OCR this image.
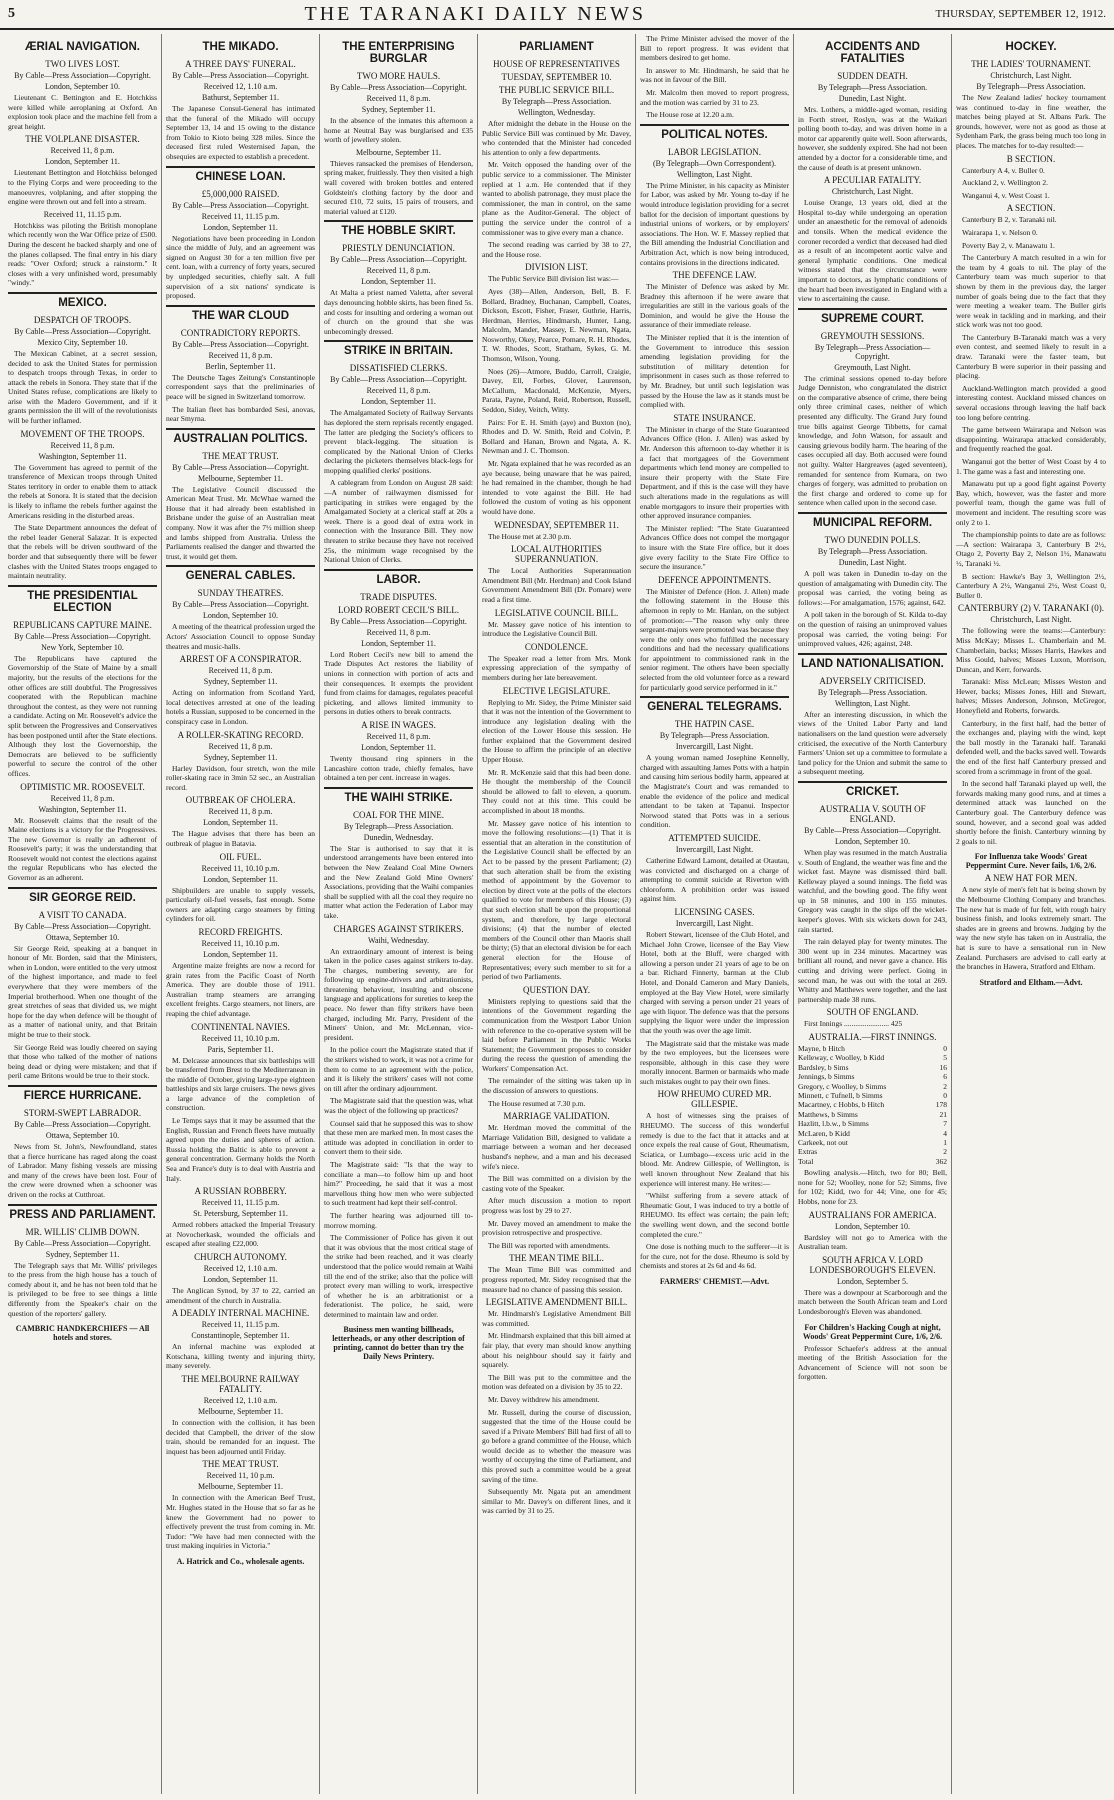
5	THE TARANAKI DAILY NEWS	THURSDAY, SEPTEMBER 12, 1912.
ÆRIAL NAVIGATION.
TWO LIVES LOST.
By Cable—Press Association—Copyright.
London, September 10.
Lieutenant C. Bettington and E. Hotchkiss were killed while aeroplaning at Oxford. An explosion took place and the machine fell from a great height.
THE VOLPLANE DISASTER.
Received 11, 8 p.m.
London, September 11.
Lieutenant Bettington and Hotchkiss belonged to the Flying Corps and were proceeding to the manoeuvres, volplaning, and after stopping the engine were thrown out and fell into a stream.
Received 11, 11.15 p.m.
Hotchkiss was piloting the British monoplane which recently won the War Office prize of £500. During the descent he backed sharply and one of the planes collapsed. The final entry in his diary reads: "Over Oxford; struck a rainstorm." It closes with a very unfinished word, presumably "windy."
MEXICO.
DESPATCH OF TROOPS.
By Cable—Press Association—Copyright.
Mexico City, September 10.
The Mexican Cabinet, at a secret session, decided to ask the United States for permission to despatch troops through Texas, in order to attack the rebels in Sonora. They state that if the United States refuse, complications are likely to arise with the Madero Government, and if it grants permission the ill will of the revolutionists will be further inflamed.
MOVEMENT OF THE TROOPS.
Received 11, 8 p.m.
Washington, September 11.
The Government has agreed to permit of the transference of Mexican troops through United States territory in order to enable them to attack the rebels at Sonora. It is stated that the decision is likely to inflame the rebels further against the Americans residing in the disturbed areas.
The State Department announces the defeat of the rebel leader General Salazar. It is expected that the rebels will be driven southward of the border and that subsequently there will be fewer clashes with the United States troops engaged to maintain neutrality.
THE PRESIDENTIAL ELECTION
REPUBLICANS CAPTURE MAINE.
By Cable—Press Association—Copyright.
New York, September 10.
The Republicans have captured the Governorship of the State of Maine by a small majority, but the results of the elections for the other offices are still doubtful. The Progressives cooperated with the Republican machine throughout the contest, as they were not running a candidate. Acting on Mr. Roosevelt's advice the split between the Progressives and Conservatives has been postponed until after the State elections. Although they lost the Governorship, the Democrats are believed to be sufficiently powerful to secure the control of the other offices.
OPTIMISTIC MR. ROOSEVELT.
Received 11, 8 p.m.
Washington, September 11.
Mr. Roosevelt claims that the result of the Maine elections is a victory for the Progressives. The new Governor is really an adherent of Roosevelt's party; it was the understanding that Roosevelt would not contest the elections against the regular Republicans who has elected the Governor as an adherent.
SIR GEORGE REID.
A VISIT TO CANADA.
By Cable—Press Association—Copyright.
Ottawa, September 10.
Sir George Reid, speaking at a banquet in honour of Mr. Borden, said that the Ministers, when in London, were entitled to the very utmost of the highest importance, and made to feel everywhere that they were members of the Imperial brotherhood. When one thought of the great stretches of seas that divided us, we might hope for the day when defence will be thought of as a matter of national unity, and that Britain might be true to their stock.
Sir George Reid was loudly cheered on saying that those who talked of the mother of nations being dead or dying were mistaken; and that if peril came Britons would be true to their stock.
FIERCE HURRICANE.
STORM-SWEPT LABRADOR.
By Cable—Press Association—Copyright.
Ottawa, September 10.
News from St. John's, Newfoundland, states that a fierce hurricane has raged along the coast of Labrador. Many fishing vessels are missing and many of the crews have been lost. Four of the crew were drowned when a schooner was driven on the rocks at Cutthroat.
PRESS AND PARLIAMENT.
MR. WILLIS' CLIMB DOWN.
By Cable—Press Association—Copyright.
Sydney, September 11.
The Telegraph says that Mr. Willis' privileges to the press from the high house has a touch of comedy about it, and he has not been told that he is privileged to be free to see things a little differently from the Speaker's chair on the question of the reporters' gallery.
CAMBRIC HANDKERCHIEFS — All hotels and stores.
THE MIKADO.
A THREE DAYS' FUNERAL.
By Cable—Press Association—Copyright.
Received 12, 1.10 a.m.
Bathurst, September 11.
The Japanese Consul-General has intimated that the funeral of the Mikado will occupy September 13, 14 and 15 owing to the distance from Tokio to Kioto being 328 miles. Since the deceased first ruled Westernised Japan, the obsequies are expected to establish a precedent.
CHINESE LOAN.
£5,000,000 RAISED.
By Cable—Press Association—Copyright.
Received 11, 11.15 p.m.
London, September 11.
Negotiations have been proceeding in London since the middle of July, and an agreement was signed on August 30 for a ten million five per cent. loan, with a currency of forty years, secured by unpledged securities, chiefly salt. A full supervision of a six nations' syndicate is proposed.
THE WAR CLOUD
CONTRADICTORY REPORTS.
By Cable—Press Association—Copyright.
Received 11, 8 p.m.
Berlin, September 11.
The Deutsche Tages Zeitung's Constantinople correspondent says that the preliminaries of peace will be signed in Switzerland tomorrow.
The Italian fleet has bombarded Sesi, anovas, near Smyrna.
AUSTRALIAN POLITICS.
THE MEAT TRUST.
By Cable—Press Association—Copyright.
Melbourne, September 11.
The Legislative Council discussed the American Meat Trust. Mr. McWhae warned the House that it had already been established in Brisbane under the guise of an Australian meat company. Now it was after the 7½ million sheep and lambs shipped from Australia. Unless the Parliaments realised the danger and thwarted the trust, it would get them.
GENERAL CABLES.
SUNDAY THEATRES.
By Cable—Press Association—Copyright.
London, September 10.
A meeting of the theatrical profession urged the Actors' Association Council to oppose Sunday theatres and music-halls.
ARREST OF A CONSPIRATOR.
Received 11, 8 p.m.
Sydney, September 11.
Acting on information from Scotland Yard, local detectives arrested at one of the leading hotels a Russian, supposed to be concerned in the conspiracy case in London.
A ROLLER-SKATING RECORD.
Received 11, 8 p.m.
Sydney, September 11.
Harley Davidson, four stretch, won the mile roller-skating race in 3min 52 sec., an Australian record.
OUTBREAK OF CHOLERA.
Received 11, 8 p.m.
London, September 11.
The Hague advises that there has been an outbreak of plague in Batavia.
OIL FUEL.
Received 11, 10.10 p.m.
London, September 11.
Shipbuilders are unable to supply vessels, particularly oil-fuel vessels, fast enough. Some owners are adapting cargo steamers by fitting cylinders for oil.
RECORD FREIGHTS.
Received 11, 10.10 p.m.
London, September 11.
Argentine maize freights are now a record for grain rates from the Pacific Coast of North America. They are double those of 1911. Australian tramp steamers are arranging excellent freights. Cargo steamers, not liners, are reaping the chief advantage.
CONTINENTAL NAVIES.
Received 11, 10.10 p.m.
Paris, September 11.
M. Delcasse announces that six battleships will be transferred from Brest to the Mediterranean in the middle of October, giving large-type eighteen battleships and six large cruisers. The news gives a large advance of the completion of construction.
Le Temps says that it may be assumed that the English, Russian and French fleets have mutually agreed upon the duties and spheres of action. Russia holding the Baltic is able to prevent a general concentration. Germany holds the North Sea and France's duty is to deal with Austria and Italy.
A RUSSIAN ROBBERY.
Received 11, 11.15 p.m.
St. Petersburg, September 11.
Armed robbers attacked the Imperial Treasury at Novocherkask, wounded the officials and escaped after stealing £22,000.
CHURCH AUTONOMY.
Received 12, 1.10 a.m.
London, September 11.
The Anglican Synod, by 37 to 22, carried an amendment of the church in Australia.
A DEADLY INTERNAL MACHINE.
Received 11, 11.15 p.m.
Constantinople, September 11.
An infernal machine was exploded at Kotschana, killing twenty and injuring thirty, many severely.
THE MELBOURNE RAILWAY FATALITY.
Received 12, 1.10 a.m.
Melbourne, September 11.
In connection with the collision, it has been decided that Campbell, the driver of the slow train, should be remanded for an inquest. The inquest has been adjourned until Friday.
THE MEAT TRUST.
Received 11, 10 p.m.
Melbourne, September 11.
In connection with the American Beef Trust, Mr. Hughes stated in the House that so far as he knew the Government had no power to effectively prevent the trust from coming in. Mr. Tudor: "We have had men connected with the trust making inquiries in Victoria."
A. Hatrick and Co., wholesale agents.
THE ENTERPRISING BURGLAR
TWO MORE HAULS.
By Cable—Press Association—Copyright.
Received 11, 8 p.m.
Sydney, September 11.
In the absence of the inmates this afternoon a home at Neutral Bay was burglarised and £35 worth of jewellery stolen.
Melbourne, September 11.
Thieves ransacked the premises of Henderson, spring maker, fruitlessly. They then visited a high wall covered with broken bottles and entered Goldstein's clothing factory by the door and secured £10, 72 suits, 15 pairs of trousers, and material valued at £120.
THE HOBBLE SKIRT.
PRIESTLY DENUNCIATION.
By Cable—Press Association—Copyright.
Received 11, 8 p.m.
London, September 11.
At Malta a priest named Valetta, after several days denouncing hobble skirts, has been fined 5s. and costs for insulting and ordering a woman out of church on the ground that she was unbecomingly dressed.
STRIKE IN BRITAIN.
DISSATISFIED CLERKS.
By Cable—Press Association—Copyright.
Received 11, 8 p.m.
London, September 11.
The Amalgamated Society of Railway Servants has deplored the stern reprisals recently engaged. The latter are pledging the Society's officers to prevent black-legging. The situation is complicated by the National Union of Clerks declaring the picketers themselves black-legs for mopping qualified clerks' positions.
A cablegram from London on August 28 said:—A number of railwaymen dismissed for participating in strikes were engaged by the Amalgamated Society at a clerical staff at 20s a week. There is a good deal of extra work in connection with the Insurance Bill. They now threaten to strike because they have not received 25s, the minimum wage recognised by the National Union of Clerks.
LABOR.
TRADE DISPUTES.
LORD ROBERT CECIL'S BILL.
By Cable—Press Association—Copyright.
Received 11, 8 p.m.
London, September 11.
Lord Robert Cecil's new bill to amend the Trade Disputes Act restores the liability of unions in connection with portion of acts and their consequences. It exempts the provident fund from claims for damages, regulates peaceful picketing, and allows limited immunity to persons in duties others to break contracts.
A RISE IN WAGES.
Received 11, 8 p.m.
London, September 11.
Twenty thousand ring spinners in the Lancashire cotton trade, chiefly females, have obtained a ten per cent. increase in wages.
THE WAIHI STRIKE.
COAL FOR THE MINE.
By Telegraph—Press Association.
Dunedin, Wednesday.
The Star is authorised to say that it is understood arrangements have been entered into between the New Zealand Coal Mine Owners and the New Zealand Gold Mine Owners' Associations, providing that the Waihi companies shall be supplied with all the coal they require no matter what action the Federation of Labor may take.
CHARGES AGAINST STRIKERS.
Waihi, Wednesday.
An extraordinary amount of interest is being taken in the police cases against strikers to-day. The charges, numbering seventy, are for following up engine-drivers and arbitrationists, threatening behaviour, insulting and obscene language and applications for sureties to keep the peace. No fewer than fifty strikers have been charged, including Mr. Parry, President of the Miners' Union, and Mr. McLennan, vice-president.
In the police court the Magistrate stated that if the strikers wished to work, it was not a crime for them to come to an agreement with the police, and it is likely the strikers' cases will not come on till after the ordinary adjournment.
The Magistrate said that the question was, what was the object of the following up practices?
Counsel said that he supposed this was to show that these men are marked men. In most cases the attitude was adopted in conciliation in order to convert them to their side.
The Magistrate said: "Is that the way to conciliate a man—to follow him up and hoot him?" Proceeding, he said that it was a most marvellous thing how men who were subjected to such treatment had kept their self-control.
The further hearing was adjourned till to-morrow morning.
The Commissioner of Police has given it out that it was obvious that the most critical stage of the strike had been reached, and it was clearly understood that the police would remain at Waihi till the end of the strike; also that the police will protect every man willing to work, irrespective of whether he is an arbitrationist or a federationist. The police, he said, were determined to maintain law and order.
Business men wanting billheads, letterheads, or any other description of printing, cannot do better than try the Daily News Printery.
PARLIAMENT
HOUSE OF REPRESENTATIVES
TUESDAY, SEPTEMBER 10.
THE PUBLIC SERVICE BILL.
By Telegraph—Press Association.
Wellington, Wednesday.
After midnight the debate in the House on the Public Service Bill was continued by Mr. Davey, who contended that the Minister had conceded his attention to only a few departments.
Mr. Veitch opposed the handing over of the public service to a commissioner. The Minister replied at 1 a.m. He contended that if they wanted to abolish patronage, they must place the commissioner, the man in control, on the same plane as the Auditor-General. The object of putting the service under the control of a commissioner was to give every man a chance.
The second reading was carried by 38 to 27, and the House rose.
DIVISION LIST.
The Public Service Bill division list was:—
Ayes (38)—Allen, Anderson, Bell, B. F. Bollard, Bradney, Buchanan, Campbell, Coates, Dickson, Escott, Fisher, Fraser, Guthrie, Harris, Herdman, Herries, Hindmarsh, Hunter, Lang, Malcolm, Mander, Massey, E. Newman, Ngata, Nosworthy, Okey, Pearce, Pomare, R. H. Rhodes, T. W. Rhodes, Scott, Statham, Sykes, G. M. Thomson, Wilson, Young.
Noes (26)—Atmore, Buddo, Carroll, Craigie, Davey, Ell, Forbes, Glover, Laurenson, McCallum, Macdonald, McKenzie, Myers, Parata, Payne, Poland, Reid, Robertson, Russell, Seddon, Sidey, Veitch, Witty.
Pairs: For E. H. Smith (aye) and Buxton (no), Rhodes and D. W. Smith, Reid and Colvin, P. Bollard and Hanan, Brown and Ngata, A. K. Newman and J. C. Thomson.
Mr. Ngata explained that he was recorded as an aye because, being unaware that he was paired, he had remained in the chamber, though he had intended to vote against the Bill. He had followed the custom of voting as his opponent would have done.
WEDNESDAY, SEPTEMBER 11.
The House met at 2.30 p.m.
LOCAL AUTHORITIES SUPERANNUATION.
The Local Authorities Superannuation Amendment Bill (Mr. Herdman) and Cook Island Government Amendment Bill (Dr. Pomare) were read a first time.
LEGISLATIVE COUNCIL BILL.
Mr. Massey gave notice of his intention to introduce the Legislative Council Bill.
CONDOLENCE.
The Speaker read a letter from Mrs. Monk expressing appreciation of the sympathy of members during her late bereavement.
ELECTIVE LEGISLATURE.
Replying to Mr. Sidey, the Prime Minister said that it was not the intention of the Government to introduce any legislation dealing with the election of the Lower House this session. He further explained that the Government desired the House to affirm the principle of an elective Upper House.
Mr. R. McKenzie said that this had been done. He thought the membership of the Council should be allowed to fall to eleven, a quorum. They could not at this time. This could be accomplished in about 18 months.
Mr. Massey gave notice of his intention to move the following resolutions:—(1) That it is essential that an alteration in the constitution of the Legislative Council shall be effected by an Act to be passed by the present Parliament; (2) that such alteration shall be from the existing method of appointment by the Governor to election by direct vote at the polls of the electors qualified to vote for members of this House; (3) that such election shall be upon the proportional system, and therefore, by large electoral divisions; (4) that the number of elected members of the Council other than Maoris shall be thirty; (5) that an electoral division be for each general election for the House of Representatives; every such member to sit for a period of two Parliaments.
QUESTION DAY.
Ministers replying to questions said that the intentions of the Government regarding the communication from the Westport Labor Union with reference to the co-operative system will be laid before Parliament in the Public Works Statement; the Government proposes to consider during the recess the question of amending the Workers' Compensation Act.
The remainder of the sitting was taken up in the discussion of answers to questions.
The House resumed at 7.30 p.m.
MARRIAGE VALIDATION.
Mr. Herdman moved the committal of the Marriage Validation Bill, designed to validate a marriage between a woman and her deceased husband's nephew, and a man and his deceased wife's niece.
The Bill was committed on a division by the casting vote of the Speaker.
After much discussion a motion to report progress was lost by 29 to 27.
Mr. Davey moved an amendment to make the provision retrospective and prospective.
The Bill was reported with amendments.
THE MEAN TIME BILL.
The Mean Time Bill was committed and progress reported, Mr. Sidey recognised that the measure had no chance of passing this session.
LEGISLATIVE AMENDMENT BILL.
Mr. Hindmarsh's Legislative Amendment Bill was committed.
Mr. Hindmarsh explained that this bill aimed at fair play, that every man should know anything about his neighbour should say it fairly and squarely.
The Bill was put to the committee and the motion was defeated on a division by 35 to 22.
Mr. Davey withdrew his amendment.
Mr. Russell, during the course of discussion, suggested that the time of the House could be saved if a Private Members' Bill had first of all to go before a grand committee of the House, which would decide as to whether the measure was worthy of occupying the time of Parliament, and this proved such a committee would be a great saving of the time.
Subsequently Mr. Ngata put an amendment similar to Mr. Davey's on different lines, and it was carried by 31 to 25.
The Prime Minister advised the mover of the Bill to report progress. It was evident that members desired to get home.
In answer to Mr. Hindmarsh, he said that he was not in favour of the Bill.
Mr. Malcolm then moved to report progress, and the motion was carried by 31 to 23.
The House rose at 12.20 a.m.
POLITICAL NOTES.
LABOR LEGISLATION.
(By Telegraph—Own Correspondent).
Wellington, Last Night.
The Prime Minister, in his capacity as Minister for Labor, was asked by Mr. Young to-day if he would introduce legislation providing for a secret ballot for the decision of important questions by industrial unions of workers, or by employers' associations. The Hon. W. F. Massey replied that the Bill amending the Industrial Conciliation and Arbitration Act, which is now being introduced, contains provisions in the directions indicated.
THE DEFENCE LAW.
The Minister of Defence was asked by Mr. Bradney this afternoon if he were aware that irregularities are still in the various goals of the Dominion, and would he give the House the assurance of their immediate release.
The Minister replied that it is the intention of the Government to introduce this session amending legislation providing for the substitution of military detention for imprisonment in cases such as those referred to by Mr. Bradney, but until such legislation was passed by the House the law as it stands must be complied with.
STATE INSURANCE.
The Minister in charge of the State Guaranteed Advances Office (Hon. J. Allen) was asked by Mr. Anderson this afternoon to-day whether it is a fact that mortgagees of the Government departments which lend money are compelled to insure their property with the State Fire Department, and if this is the case will they have such alterations made in the regulations as will enable mortgagors to insure their properties with other approved insurance companies.
The Minister replied: "The State Guaranteed Advances Office does not compel the mortgagor to insure with the State Fire office, but it does give every facility to the State Fire Office to secure the insurance."
DEFENCE APPOINTMENTS.
The Minister of Defence (Hon. J. Allen) made the following statement in the House this afternoon in reply to Mr. Hanlan, on the subject of promotion:—"The reason why only three sergeant-majors were promoted was because they were the only ones who fulfilled the necessary conditions and had the necessary qualifications for appointment to commissioned rank in the senior regiment. The others have been specially selected from the old volunteer force as a reward for particularly good service performed in it."
GENERAL TELEGRAMS.
THE HATPIN CASE.
By Telegraph—Press Association.
Invercargill, Last Night.
A young woman named Josephine Kennelly, charged with assaulting James Potts with a hatpin and causing him serious bodily harm, appeared at the Magistrate's Court and was remanded to enable the evidence of the police and medical attendant to be taken at Tapanui. Inspector Norwood stated that Potts was in a serious condition.
ATTEMPTED SUICIDE.
Invercargill, Last Night.
Catherine Edward Lamont, detailed at Otautau, was convicted and discharged on a charge of attempting to commit suicide at Riverton with chloroform. A prohibition order was issued against him.
LICENSING CASES.
Invercargill, Last Night.
Robert Stewart, licensee of the Club Hotel, and Michael John Crowe, licensee of the Bay View Hotel, both at the Bluff, were charged with allowing a person under 21 years of age to be on a bar. Richard Finnerty, barman at the Club Hotel, and Donald Cameron and Mary Daniels, employed at the Bay View Hotel, were similarly charged with serving a person under 21 years of age with liquor. The defence was that the persons supplying the liquor were under the impression that the youth was over the age limit.
The Magistrate said that the mistake was made by the two employees, but the licensees were responsible, although in this case they were morally innocent. Barmen or barmaids who made such mistakes ought to pay their own fines.
HOW RHEUMO CURED MR. GILLESPIE.
A host of witnesses sing the praises of RHEUMO. The success of this wonderful remedy is due to the fact that it attacks and at once expels the real cause of Gout, Rheumatism, Sciatica, or Lumbago—excess uric acid in the blood. Mr. Andrew Gillespie, of Wellington, is well known throughout New Zealand that his experience will interest many. He writes:—
"Whilst suffering from a severe attack of Rheumatic Gout, I was induced to try a bottle of RHEUMO. Its effect was certain; the pain left; the swelling went down, and the second bottle completed the cure."
One dose is nothing much to the sufferer—it is for the cure, not for the dose. Rheumo is sold by chemists and stores at 2s 6d and 4s 6d.
FARMERS' CHEMIST.—Advt.
ACCIDENTS AND FATALITIES
SUDDEN DEATH.
By Telegraph—Press Association.
Dunedin, Last Night.
Mrs. Lothers, a middle-aged woman, residing in Forth street, Roslyn, was at the Waikari polling booth to-day, and was driven home in a motor car apparently quite well. Soon afterwards, however, she suddenly expired. She had not been attended by a doctor for a considerable time, and the cause of death is at present unknown.
A PECULIAR FATALITY.
Christchurch, Last Night.
Louise Orange, 13 years old, died at the Hospital to-day while undergoing an operation under an anaesthetic for the removal of adenoids and tonsils. When the medical evidence the coroner recorded a verdict that deceased had died as a result of an incompetent aortic valve and general lymphatic conditions. One medical witness stated that the circumstance were important to doctors, as lymphatic conditions of the heart had been investigated in England with a view to ascertaining the cause.
SUPREME COURT.
GREYMOUTH SESSIONS.
By Telegraph—Press Association—Copyright.
Greymouth, Last Night.
The criminal sessions opened to-day before Judge Denniston, who congratulated the district on the comparative absence of crime, there being only three criminal cases, neither of which presented any difficulty. The Grand Jury found true bills against George Tibbetts, for carnal knowledge, and John Watson, for assault and causing grievous bodily harm. The hearing of the cases occupied all day. Both accused were found not guilty. Walter Hargreaves (aged seventeen), remanded for sentence from Kumara, on two charges of forgery, was admitted to probation on the first charge and ordered to come up for sentence when called upon in the second case.
MUNICIPAL REFORM.
TWO DUNEDIN POLLS.
By Telegraph—Press Association.
Dunedin, Last Night.
A poll was taken in Dunedin to-day on the question of amalgamating with Dunedin city. The proposal was carried, the voting being as follows:—For amalgamation, 1576; against, 642.
A poll taken in the borough of St. Kilda to-day on the question of raising an unimproved values proposal was carried, the voting being: For unimproved values, 426; against, 248.
LAND NATIONALISATION.
ADVERSELY CRITICISED.
By Telegraph—Press Association.
Wellington, Last Night.
After an interesting discussion, in which the views of the United Labor Party and land nationalisers on the land question were adversely criticised, the executive of the North Canterbury Farmers' Union set up a committee to formulate a land policy for the Union and submit the same to a subsequent meeting.
CRICKET.
AUSTRALIA V. SOUTH OF ENGLAND.
By Cable—Press Association—Copyright.
London, September 10.
When play was resumed in the match Australia v. South of England, the weather was fine and the wicket fast. Mayne was dismissed third ball. Kelleway played a sound innings. The field was watchful, and the bowling good. The fifty went up in 58 minutes, and 100 in 155 minutes. Gregory was caught in the slips off the wicket-keeper's gloves. With six wickets down for 243, rain started.
The rain delayed play for twenty minutes. The 300 went up in 234 minutes. Macartney was brilliant all round, and never gave a chance. His cutting and driving were perfect. Going in second man, he was out with the total at 269. Whitty and Matthews were together, and the last partnership made 38 runs.
SOUTH OF ENGLAND.
First Innings ........................ 425
AUSTRALIA.—FIRST INNINGS.
Mayne, b Hitch	0
Kelleway, c Woolley, b Kidd	5
Bardsley, b Sims	16
Jennings, b Simms	6
Gregory, c Woolley, b Simms	2
Minnett, c Tufnell, b Simms	0
Macartney, c Hobbs, b Hitch	178
Matthews, b Simms	21
Hazlitt, l.b.w., b Simms	7
McLaren, b Kidd	4
Carkeek, not out	1
Extras	2
Total	362
Bowling analysis.—Hitch, two for 80; Bell, none for 52; Woolley, none for 52; Simms, five for 102; Kidd, two for 44; Vine, one for 45; Hobbs, none for 23.
AUSTRALIANS FOR AMERICA.
London, September 10.
Bardsley will not go to America with the Australian team.
SOUTH AFRICA V. LORD LONDESBOROUGH'S ELEVEN.
London, September 5.
There was a downpour at Scarborough and the match between the South African team and Lord Londesborough's Eleven was abandoned.
For Children's Hacking Cough at night, Woods' Great Peppermint Cure, 1/6, 2/6.
Professor Schaefer's address at the annual meeting of the British Association for the Advancement of Science will not soon be forgotten.
HOCKEY.
THE LADIES' TOURNAMENT.
Christchurch, Last Night.
By Telegraph—Press Association.
The New Zealand ladies' hockey tournament was continued to-day in fine weather, the matches being played at St. Albans Park. The grounds, however, were not as good as those at Sydenham Park, the grass being much too long in places. The matches for to-day resulted:—
B SECTION.
Canterbury A 4, v. Buller 0.
Auckland 2, v. Wellington 2.
Wanganui 4, v. West Coast 1.
A SECTION.
Canterbury B 2, v. Taranaki nil.
Wairarapa 1, v. Nelson 0.
Poverty Bay 2, v. Manawatu 1.
The Canterbury A match resulted in a win for the team by 4 goals to nil. The play of the Canterbury team was much superior to that shown by them in the previous day, the larger number of goals being due to the fact that they were meeting a weaker team. The Buller girls were weak in tackling and in marking, and their stick work was not too good.
The Canterbury B-Taranaki match was a very even contest, and seemed likely to result in a draw. Taranaki were the faster team, but Canterbury B were superior in their passing and placing.
Auckland-Wellington match provided a good interesting contest. Auckland missed chances on several occasions through leaving the half back too long before centring.
The game between Wairarapa and Nelson was disappointing. Wairarapa attacked considerably, and frequently reached the goal.
Wanganui got the better of West Coast by 4 to 1. The game was a fast and interesting one.
Manawatu put up a good fight against Poverty Bay, which, however, was the faster and more powerful team, though the game was full of movement and incident. The resulting score was only 2 to 1.
The championship points to date are as follows:—A section: Wairarapa 3, Canterbury B 2½, Otago 2, Poverty Bay 2, Nelson 1½, Manawatu ½, Taranaki ½.
B section: Hawke's Bay 3, Wellington 2½, Canterbury A 2½, Wanganui 2½, West Coast 0, Buller 0.
CANTERBURY (2) V. TARANAKI (0).
Christchurch, Last Night.
The following were the teams:—Canterbury: Miss McKay; Misses L. Chamberlain and M. Chamberlain, backs; Misses Harris, Hawkes and Miss Gould, halves; Misses Luxon, Morrison, Duncan, and Kerr, forwards.
Taranaki: Miss McLean; Misses Weston and Hewer, backs; Misses Jones, Hill and Stewart, halves; Misses Anderson, Johnson, McGregor, Honeyfield and Roberts, forwards.
Canterbury, in the first half, had the better of the exchanges and, playing with the wind, kept the ball mostly in the Taranaki half. Taranaki defended well, and the backs saved well. Towards the end of the first half Canterbury pressed and scored from a scrimmage in front of the goal.
In the second half Taranaki played up well, the forwards making many good runs, and at times a determined attack was launched on the Canterbury goal. The Canterbury defence was sound, however, and a second goal was added shortly before the finish. Canterbury winning by 2 goals to nil.
For Influenza take Woods' Great Peppermint Cure. Never fails, 1/6, 2/6.
A NEW HAT FOR MEN.
A new style of men's felt hat is being shown by the Melbourne Clothing Company and branches. The new hat is made of fur felt, with rough hairy business finish, and looks extremely smart. The shades are in greens and browns. Judging by the way the new style has taken on in Australia, the hat is sure to have a sensational run in New Zealand. Purchasers are advised to call early at the branches in Hawera, Stratford and Eltham.
Stratford and Eltham.—Advt.
